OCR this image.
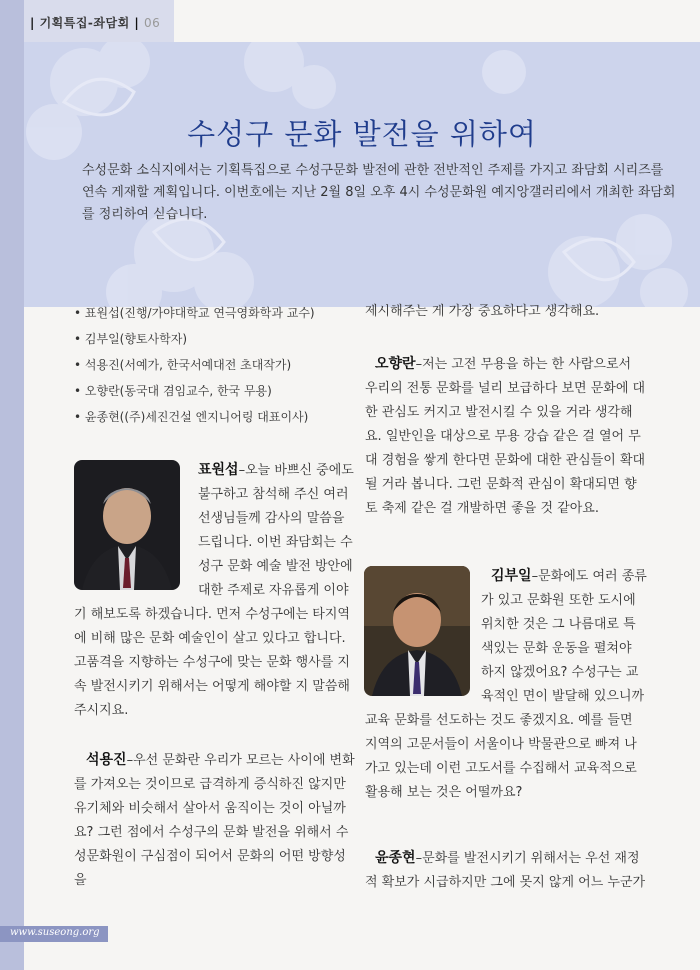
| 기획특집-좌담회 | 06
수성구 문화 발전을 위하여
수성문화 소식지에서는 기획특집으로 수성구문화 발전에 관한 전반적인 주제를 가지고 좌담회 시리즈를 연속 게재할 계획입니다. 이번호에는 지난 2월 8일 오후 4시 수성문화원 예지앙갤러리에서 개최한 좌담회를 정리하여 싣습니다.
• 표원섭(진행/가야대학교 연극영화학과 교수)
• 김부일(향토사학자)
• 석용진(서예가, 한국서예대전 초대작가)
• 오향란(동국대 겸임교수, 한국 무용)
• 윤종현((주)세진건설 엔지니어링 대표이사)
표원섭–오늘 바쁘신 중에도 불구하고 참석해 주신 여러 선생님들께 감사의 말씀을 드립니다. 이번 좌담회는 수성구 문화 예술 발전 방안에 대한 주제로 자유롭게 이야기 해보도록 하겠습니다. 먼저 수성구에는 타지역에 비해 많은 문화 예술인이 살고 있다고 합니다. 고품격을 지향하는 수성구에 맞는 문화 행사를 지속 발전시키기 위해서는 어떻게 해야할 지 말씀해 주시지요.
석용진–우선 문화란 우리가 모르는 사이에 변화를 가져오는 것이므로 급격하게 증식하진 않지만 유기체와 비슷해서 살아서 움직이는 것이 아닐까요? 그런 점에서 수성구의 문화 발전을 위해서 수성문화원이 구심점이 되어서 문화의 어떤 방향성을
제시해주는 게 가장 중요하다고 생각해요.
오향란–저는 고전 무용을 하는 한 사람으로서 우리의 전통 문화를 널리 보급하다 보면 문화에 대한 관심도 커지고 발전시킬 수 있을 거라 생각해요. 일반인을 대상으로 무용 강습 같은 걸 열어 무대 경험을 쌓게 한다면 문화에 대한 관심들이 확대될 거라 봅니다. 그런 문화적 관심이 확대되면 향토 축제 같은 걸 개발하면 좋을 것 같아요.
김부일–문화에도 여러 종류가 있고 문화원 또한 도시에 위치한 것은 그 나름대로 특색있는 문화 운동을 펼쳐야 하지 않겠어요? 수성구는 교육적인 면이 발달해 있으니까 교육 문화를 선도하는 것도 좋겠지요. 예를 들면 지역의 고문서들이 서울이나 박물관으로 빠져 나가고 있는데 이런 고도서를 수집해서 교육적으로 활용해 보는 것은 어떨까요?
윤종현–문화를 발전시키기 위해서는 우선 재정적 확보가 시급하지만 그에 못지 않게 어느 누군가
www.suseong.org
